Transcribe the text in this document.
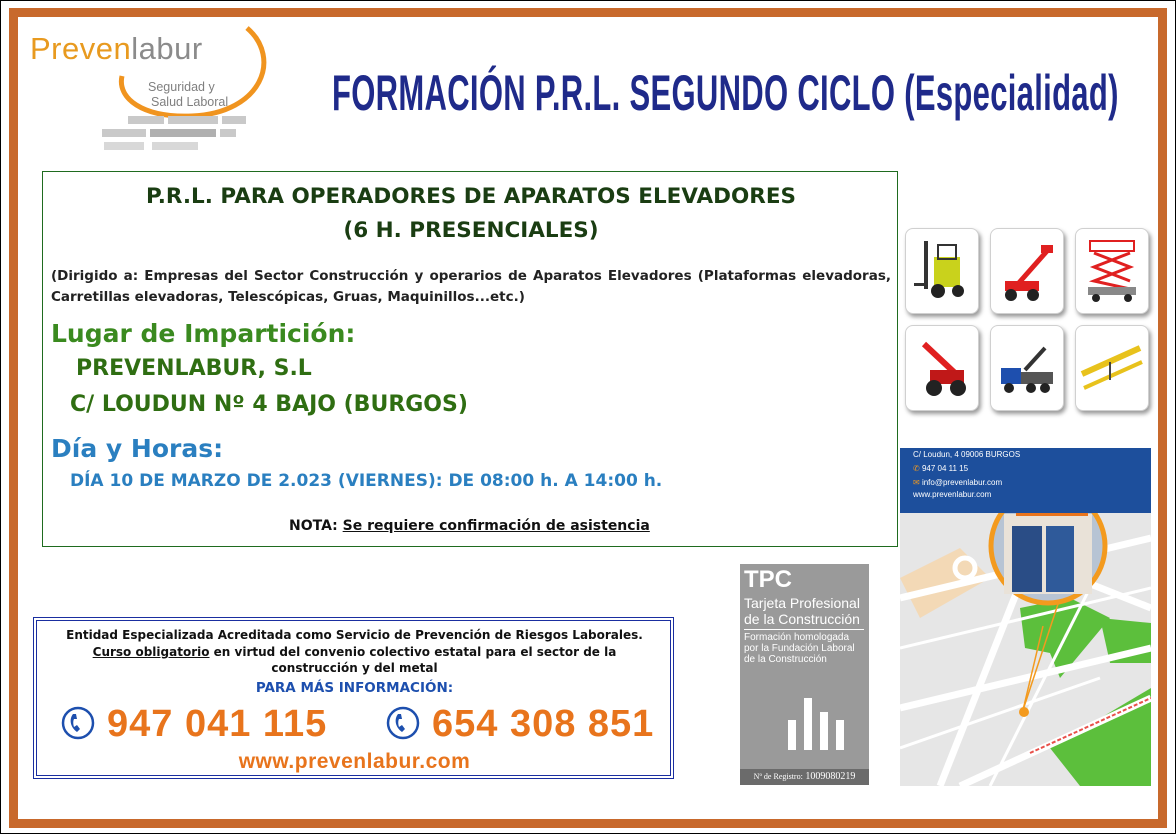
Prevenlabur
Seguridad y
Salud Laboral FORMACIÓN P.R.L. SEGUNDO CICLO (Especialidad)
P.R.L. PARA OPERADORES DE APARATOS ELEVADORES
(6 H. PRESENCIALES)
(Dirigido a: Empresas del Sector Construcción y operarios de Aparatos Elevadores (Plataformas elevadoras, Carretillas elevadoras, Telescópicas, Gruas, Maquinillos...etc.)
Lugar de Impartición:
PREVENLABUR, S.L
C/ LOUDUN Nº 4 BAJO (BURGOS)
Día y Horas:
DÍA 10 DE MARZO DE 2.023 (VIERNES): DE 08:00 h. A 14:00 h.
NOTA: Se requiere confirmación de asistencia
C/ Loudun, 4 09006 BURGOS
✆ 947 04 11 15
✉ info@prevenlabur.com
www.prevenlabur.com
Entidad Especializada Acreditada como Servicio de Prevención de Riesgos Laborales.
Curso obligatorio en virtud del convenio colectivo estatal para el sector de la
construcción y del metal
PARA MÁS INFORMACIÓN:
947 041 115	654 308 851
www.prevenlabur.com
TPC
Tarjeta Profesional
de la Construcción
Formación homologada
por la Fundación Laboral
de la Construcción
Nº de Registro: 1009080219
